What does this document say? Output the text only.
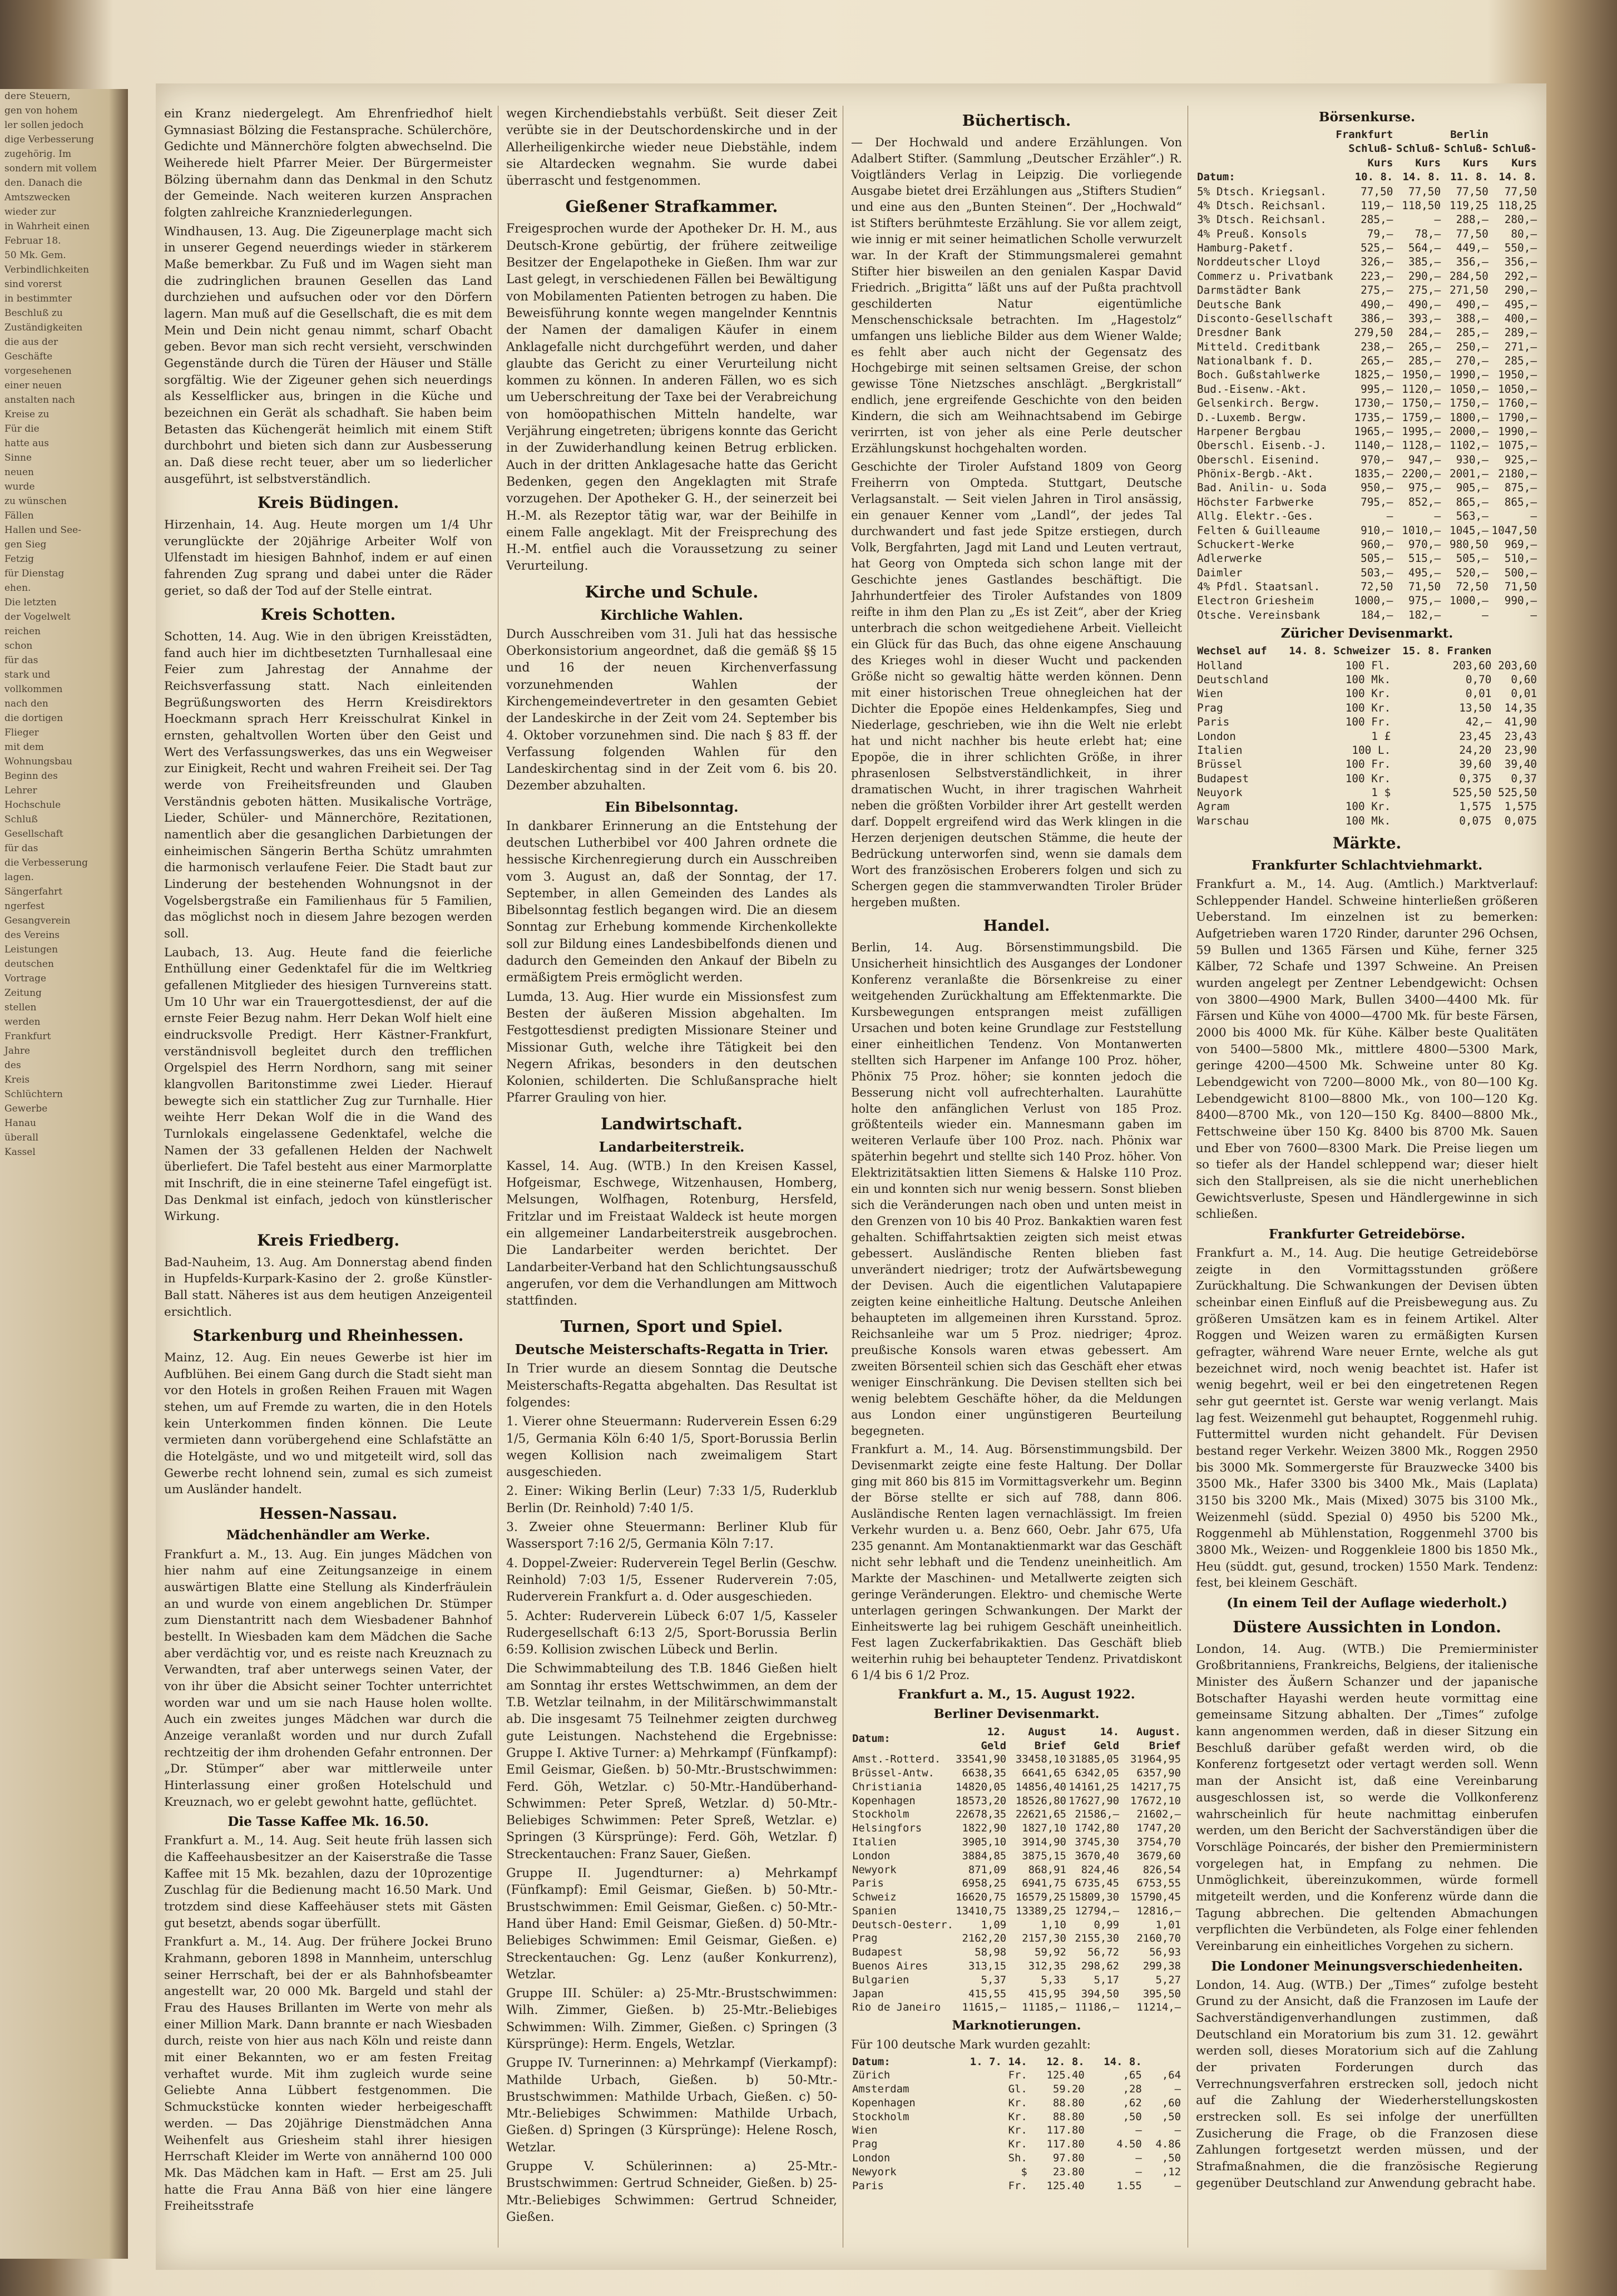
dere Steuern,
gen von hohem
ler sollen jedoch
dige Verbesserung
zugehörig. Im
sondern mit vollem
den. Danach die
Amtszwecken
wieder zur
in Wahrheit einen
Februar 18.
50 Mk. Gem.
Verbindlichkeiten
sind vorerst
in bestimmter
Beschluß zu
Zuständigkeiten
die aus der
Geschäfte
vorgesehenen
einer neuen
anstalten nach
Kreise zu
Für die
hatte aus
Sinne
neuen
wurde
zu wünschen
Fällen
Hallen und See-
gen Sieg
Fetzig
für Dienstag
ehen.
Die letzten
der Vogelwelt
reichen
schon
für das
stark und
vollkommen
nach den
die dortigen
Flieger
mit dem
Wohnungsbau
Beginn des
Lehrer
Hochschule
Schluß
Gesellschaft
für das
die Verbesserung
lagen.
Sängerfahrt
ngerfest
Gesangverein
des Vereins
Leistungen
deutschen
Vortrage
Zeitung
stellen
werden
Frankfurt
Jahre
des
Kreis
Schlüchtern
Gewerbe
Hanau
überall
Kassel

ein Kranz niedergelegt. Am Ehrenfriedhof hielt Gymnasiast Bölzing die Festansprache. Schülerchöre, Gedichte und Männerchöre folgten abwechselnd. Die Weiherede hielt Pfarrer Meier. Der Bürgermeister Bölzing übernahm dann das Denkmal in den Schutz der Gemeinde. Nach weiteren kurzen Ansprachen folgten zahlreiche Kranzniederlegungen.

Windhausen, 13. Aug. Die Zigeunerplage macht sich in unserer Gegend neuerdings wieder in stärkerem Maße bemerkbar. Zu Fuß und im Wagen sieht man die zudringlichen braunen Gesellen das Land durchziehen und aufsuchen oder vor den Dörfern lagern. Man muß auf die Gesellschaft, die es mit dem Mein und Dein nicht genau nimmt, scharf Obacht geben. Bevor man sich recht versieht, verschwinden Gegenstände durch die Türen der Häuser und Ställe sorgfältig. Wie der Zigeuner gehen sich neuerdings als Kesselflicker aus, bringen in die Küche und bezeichnen ein Gerät als schadhaft. Sie haben beim Betasten das Küchengerät heimlich mit einem Stift durchbohrt und bieten sich dann zur Ausbesserung an. Daß diese recht teuer, aber um so liederlicher ausgeführt, ist selbstverständlich.

Kreis Büdingen.

Hirzenhain, 14. Aug. Heute morgen um 1/4 Uhr verunglückte der 20jährige Arbeiter Wolf von Ulfenstadt im hiesigen Bahnhof, indem er auf einen fahrenden Zug sprang und dabei unter die Räder geriet, so daß der Tod auf der Stelle eintrat.

Kreis Schotten.

Schotten, 14. Aug. Wie in den übrigen Kreisstädten, fand auch hier im dichtbesetzten Turnhallesaal eine Feier zum Jahrestag der Annahme der Reichsverfassung statt. Nach einleitenden Begrüßungsworten des Herrn Kreisdirektors Hoeckmann sprach Herr Kreisschulrat Kinkel in ernsten, gehaltvollen Worten über den Geist und Wert des Verfassungswerkes, das uns ein Wegweiser zur Einigkeit, Recht und wahren Freiheit sei. Der Tag werde von Freiheitsfreunden und Glauben Verständnis geboten hätten. Musikalische Vorträge, Lieder, Schüler- und Männerchöre, Rezitationen, namentlich aber die gesanglichen Darbietungen der einheimischen Sängerin Bertha Schütz umrahmten die harmonisch verlaufene Feier. Die Stadt baut zur Linderung der bestehenden Wohnungsnot in der Vogelsbergstraße ein Familienhaus für 5 Familien, das möglichst noch in diesem Jahre bezogen werden soll.

Laubach, 13. Aug. Heute fand die feierliche Enthüllung einer Gedenktafel für die im Weltkrieg gefallenen Mitglieder des hiesigen Turnvereins statt. Um 10 Uhr war ein Trauergottesdienst, der auf die ernste Feier Bezug nahm. Herr Dekan Wolf hielt eine eindrucksvolle Predigt. Herr Kästner-Frankfurt, verständnisvoll begleitet durch den trefflichen Orgelspiel des Herrn Nordhorn, sang mit seiner klangvollen Baritonstimme zwei Lieder. Hierauf bewegte sich ein stattlicher Zug zur Turnhalle. Hier weihte Herr Dekan Wolf die in die Wand des Turnlokals eingelassene Gedenktafel, welche die Namen der 33 gefallenen Helden der Nachwelt überliefert. Die Tafel besteht aus einer Marmorplatte mit Inschrift, die in eine steinerne Tafel eingefügt ist. Das Denkmal ist einfach, jedoch von künstlerischer Wirkung.

Kreis Friedberg.

Bad-Nauheim, 13. Aug. Am Donnerstag abend finden in Hupfelds-Kurpark-Kasino der 2. große Künstler-Ball statt. Näheres ist aus dem heutigen Anzeigenteil ersichtlich.

Starkenburg und Rheinhessen.

Mainz, 12. Aug. Ein neues Gewerbe ist hier im Aufblühen. Bei einem Gang durch die Stadt sieht man vor den Hotels in großen Reihen Frauen mit Wagen stehen, um auf Fremde zu warten, die in den Hotels kein Unterkommen finden können. Die Leute vermieten dann vorübergehend eine Schlafstätte an die Hotelgäste, und wo und mitgeteilt wird, soll das Gewerbe recht lohnend sein, zumal es sich zumeist um Ausländer handelt.

Hessen-Nassau.
Mädchenhändler am Werke.

Frankfurt a. M., 13. Aug. Ein junges Mädchen von hier nahm auf eine Zeitungsanzeige in einem auswärtigen Blatte eine Stellung als Kinderfräulein an und wurde von einem angeblichen Dr. Stümper zum Dienstantritt nach dem Wiesbadener Bahnhof bestellt. In Wiesbaden kam dem Mädchen die Sache aber verdächtig vor, und es reiste nach Kreuznach zu Verwandten, traf aber unterwegs seinen Vater, der von ihr über die Absicht seiner Tochter unterrichtet worden war und um sie nach Hause holen wollte. Auch ein zweites junges Mädchen war durch die Anzeige veranlaßt worden und nur durch Zufall rechtzeitig der ihm drohenden Gefahr entronnen. Der „Dr. Stümper“ aber war mittlerweile unter Hinterlassung einer großen Hotelschuld und Kreuznach, wo er gelebt gewohnt hatte, geflüchtet.

Die Tasse Kaffee Mk. 16.50.

Frankfurt a. M., 14. Aug. Seit heute früh lassen sich die Kaffeehausbesitzer an der Kaiserstraße die Tasse Kaffee mit 15 Mk. bezahlen, dazu der 10prozentige Zuschlag für die Bedienung macht 16.50 Mark. Und trotzdem sind diese Kaffeehäuser stets mit Gästen gut besetzt, abends sogar überfüllt.

Frankfurt a. M., 14. Aug. Der frühere Jockei Bruno Krahmann, geboren 1898 in Mannheim, unterschlug seiner Herrschaft, bei der er als Bahnhofsbeamter angestellt war, 20 000 Mk. Bargeld und stahl der Frau des Hauses Brillanten im Werte von mehr als einer Million Mark. Dann brannte er nach Wiesbaden durch, reiste von hier aus nach Köln und reiste dann mit einer Bekannten, wo er am festen Freitag verhaftet wurde. Mit ihm zugleich wurde seine Geliebte Anna Lübbert festgenommen. Die Schmuckstücke konnten wieder herbeigeschafft werden. — Das 20jährige Dienstmädchen Anna Weihenfelt aus Griesheim stahl ihrer hiesigen Herrschaft Kleider im Werte von annähernd 100 000 Mk. Das Mädchen kam in Haft. — Erst am 25. Juli hatte die Frau Anna Bäß von hier eine längere Freiheitsstrafe

wegen Kirchendiebstahls verbüßt. Seit dieser Zeit verübte sie in der Deutschordenskirche und in der Allerheiligenkirche wieder neue Diebstähle, indem sie Altardecken wegnahm. Sie wurde dabei überrascht und festgenommen.

Gießener Strafkammer.

Freigesprochen wurde der Apotheker Dr. H. M., aus Deutsch-Krone gebürtig, der frühere zeitweilige Besitzer der Engelapotheke in Gießen. Ihm war zur Last gelegt, in verschiedenen Fällen bei Bewältigung von Mobilamenten Patienten betrogen zu haben. Die Beweisführung konnte wegen mangelnder Kenntnis der Namen der damaligen Käufer in einem Anklagefalle nicht durchgeführt werden, und daher glaubte das Gericht zu einer Verurteilung nicht kommen zu können. In anderen Fällen, wo es sich um Ueberschreitung der Taxe bei der Verabreichung von homöopathischen Mitteln handelte, war Verjährung eingetreten; übrigens konnte das Gericht in der Zuwiderhandlung keinen Betrug erblicken. Auch in der dritten Anklagesache hatte das Gericht Bedenken, gegen den Angeklagten mit Strafe vorzugehen. Der Apotheker G. H., der seinerzeit bei H.-M. als Rezeptor tätig war, war der Beihilfe in einem Falle angeklagt. Mit der Freisprechung des H.-M. entfiel auch die Voraussetzung zu seiner Verurteilung.

Kirche und Schule.
Kirchliche Wahlen.

Durch Ausschreiben vom 31. Juli hat das hessische Oberkonsistorium angeordnet, daß die gemäß §§ 15 und 16 der neuen Kirchenverfassung vorzunehmenden Wahlen der Kirchengemeindevertreter in den gesamten Gebiet der Landeskirche in der Zeit vom 24. September bis 4. Oktober vorzunehmen sind. Die nach § 83 ff. der Verfassung folgenden Wahlen für den Landeskirchentag sind in der Zeit vom 6. bis 20. Dezember abzuhalten.

Ein Bibelsonntag.

In dankbarer Erinnerung an die Entstehung der deutschen Lutherbibel vor 400 Jahren ordnete die hessische Kirchenregierung durch ein Ausschreiben vom 3. August an, daß der Sonntag, der 17. September, in allen Gemeinden des Landes als Bibelsonntag festlich begangen wird. Die an diesem Sonntag zur Erhebung kommende Kirchenkollekte soll zur Bildung eines Landesbibelfonds dienen und dadurch den Gemeinden den Ankauf der Bibeln zu ermäßigtem Preis ermöglicht werden.

Lumda, 13. Aug. Hier wurde ein Missionsfest zum Besten der äußeren Mission abgehalten. Im Festgottesdienst predigten Missionare Steiner und Missionar Guth, welche ihre Tätigkeit bei den Negern Afrikas, besonders in den deutschen Kolonien, schilderten. Die Schlußansprache hielt Pfarrer Grauling von hier.

Landwirtschaft.
Landarbeiterstreik.

Kassel, 14. Aug. (WTB.) In den Kreisen Kassel, Hofgeismar, Eschwege, Witzenhausen, Homberg, Melsungen, Wolfhagen, Rotenburg, Hersfeld, Fritzlar und im Freistaat Waldeck ist heute morgen ein allgemeiner Landarbeiterstreik ausgebrochen. Die Landarbeiter werden berichtet. Der Landarbeiter-Verband hat den Schlichtungsausschuß angerufen, vor dem die Verhandlungen am Mittwoch stattfinden.

Turnen, Sport und Spiel.
Deutsche Meisterschafts-Regatta in Trier.

In Trier wurde an diesem Sonntag die Deutsche Meisterschafts-Regatta abgehalten. Das Resultat ist folgendes:

1. Vierer ohne Steuermann: Ruderverein Essen 6:29 1/5, Germania Köln 6:40 1/5, Sport-Borussia Berlin wegen Kollision nach zweimaligem Start ausgeschieden.

2. Einer: Wiking Berlin (Leur) 7:33 1/5, Ruderklub Berlin (Dr. Reinhold) 7:40 1/5.

3. Zweier ohne Steuermann: Berliner Klub für Wassersport 7:16 2/5, Germania Köln 7:17.

4. Doppel-Zweier: Ruderverein Tegel Berlin (Geschw. Reinhold) 7:03 1/5, Essener Ruderverein 7:05, Ruderverein Frankfurt a. d. Oder ausgeschieden.

5. Achter: Ruderverein Lübeck 6:07 1/5, Kasseler Rudergesellschaft 6:13 2/5, Sport-Borussia Berlin 6:59. Kollision zwischen Lübeck und Berlin.

Die Schwimmabteilung des T.B. 1846 Gießen hielt am Sonntag ihr erstes Wettschwimmen, an dem der T.B. Wetzlar teilnahm, in der Militärschwimmanstalt ab. Die insgesamt 75 Teilnehmer zeigten durchweg gute Leistungen. Nachstehend die Ergebnisse: Gruppe I. Aktive Turner: a) Mehrkampf (Fünfkampf): Emil Geismar, Gießen. b) 50-Mtr.-Brustschwimmen: Ferd. Göh, Wetzlar. c) 50-Mtr.-Handüberhand-Schwimmen: Peter Spreß, Wetzlar. d) 50-Mtr.-Beliebiges Schwimmen: Peter Spreß, Wetzlar. e) Springen (3 Kürsprünge): Ferd. Göh, Wetzlar. f) Streckentauchen: Franz Sauer, Gießen.

Gruppe II. Jugendturner: a) Mehrkampf (Fünfkampf): Emil Geismar, Gießen. b) 50-Mtr.-Brustschwimmen: Emil Geismar, Gießen. c) 50-Mtr.-Hand über Hand: Emil Geismar, Gießen. d) 50-Mtr.-Beliebiges Schwimmen: Emil Geismar, Gießen. e) Streckentauchen: Gg. Lenz (außer Konkurrenz), Wetzlar.

Gruppe III. Schüler: a) 25-Mtr.-Brustschwimmen: Wilh. Zimmer, Gießen. b) 25-Mtr.-Beliebiges Schwimmen: Wilh. Zimmer, Gießen. c) Springen (3 Kürsprünge): Herm. Engels, Wetzlar.

Gruppe IV. Turnerinnen: a) Mehrkampf (Vierkampf): Mathilde Urbach, Gießen. b) 50-Mtr.-Brustschwimmen: Mathilde Urbach, Gießen. c) 50-Mtr.-Beliebiges Schwimmen: Mathilde Urbach, Gießen. d) Springen (3 Kürsprünge): Helene Rosch, Wetzlar.

Gruppe V. Schülerinnen: a) 25-Mtr.-Brustschwimmen: Gertrud Schneider, Gießen. b) 25-Mtr.-Beliebiges Schwimmen: Gertrud Schneider, Gießen.

Büchertisch.

— Der Hochwald und andere Erzählungen. Von Adalbert Stifter. (Sammlung „Deutscher Erzähler“.) R. Voigtländers Verlag in Leipzig. Die vorliegende Ausgabe bietet drei Erzählungen aus „Stifters Studien“ und eine aus den „Bunten Steinen“. Der „Hochwald“ ist Stifters berühmteste Erzählung. Sie vor allem zeigt, wie innig er mit seiner heimatlichen Scholle verwurzelt war. In der Kraft der Stimmungsmalerei gemahnt Stifter hier bisweilen an den genialen Kaspar David Friedrich. „Brigitta“ läßt uns auf der Pußta prachtvoll geschilderten Natur eigentümliche Menschenschicksale betrachten. Im „Hagestolz“ umfangen uns liebliche Bilder aus dem Wiener Walde; es fehlt aber auch nicht der Gegensatz des Hochgebirge mit seinen seltsamen Greise, der schon gewisse Töne Nietzsches anschlägt. „Bergkristall“ endlich, jene ergreifende Geschichte von den beiden Kindern, die sich am Weihnachtsabend im Gebirge verirrten, ist von jeher als eine Perle deutscher Erzählungskunst hochgehalten worden.

Geschichte der Tiroler Aufstand 1809 von Georg Freiherrn von Ompteda. Stuttgart, Deutsche Verlagsanstalt. — Seit vielen Jahren in Tirol ansässig, ein genauer Kenner vom „Landl“, der jedes Tal durchwandert und fast jede Spitze erstiegen, durch Volk, Bergfahrten, Jagd mit Land und Leuten vertraut, hat Georg von Ompteda sich schon lange mit der Geschichte jenes Gastlandes beschäftigt. Die Jahrhundertfeier des Tiroler Aufstandes von 1809 reifte in ihm den Plan zu „Es ist Zeit“, aber der Krieg unterbrach die schon weitgediehene Arbeit. Vielleicht ein Glück für das Buch, das ohne eigene Anschauung des Krieges wohl in dieser Wucht und packenden Größe nicht so gewaltig hätte werden können. Denn mit einer historischen Treue ohnegleichen hat der Dichter die Epopöe eines Heldenkampfes, Sieg und Niederlage, geschrieben, wie ihn die Welt nie erlebt hat und nicht nachher bis heute erlebt hat; eine Epopöe, die in ihrer schlichten Größe, in ihrer phrasenlosen Selbstverständlichkeit, in ihrer dramatischen Wucht, in ihrer tragischen Wahrheit neben die größten Vorbilder ihrer Art gestellt werden darf. Doppelt ergreifend wird das Werk klingen in die Herzen derjenigen deutschen Stämme, die heute der Bedrückung unterworfen sind, wenn sie damals dem Wort des französischen Eroberers folgen und sich zu Schergen gegen die stammverwandten Tiroler Brüder hergeben mußten.

Handel.

Berlin, 14. Aug. Börsenstimmungsbild. Die Unsicherheit hinsichtlich des Ausganges der Londoner Konferenz veranlaßte die Börsenkreise zu einer weitgehenden Zurückhaltung am Effektenmarkte. Die Kursbewegungen entsprangen meist zufälligen Ursachen und boten keine Grundlage zur Feststellung einer einheitlichen Tendenz. Von Montanwerten stellten sich Harpener im Anfange 100 Proz. höher, Phönix 75 Proz. höher; sie konnten jedoch die Besserung nicht voll aufrechterhalten. Laurahütte holte den anfänglichen Verlust von 185 Proz. größtenteils wieder ein. Mannesmann gaben im weiteren Verlaufe über 100 Proz. nach. Phönix war späterhin begehrt und stellte sich 140 Proz. höher. Von Elektrizitätsaktien litten Siemens & Halske 110 Proz. ein und konnten sich nur wenig bessern. Sonst blieben sich die Veränderungen nach oben und unten meist in den Grenzen von 10 bis 40 Proz. Bankaktien waren fest gehalten. Schiffahrtsaktien zeigten sich meist etwas gebessert. Ausländische Renten blieben fast unverändert niedriger; trotz der Aufwärtsbewegung der Devisen. Auch die eigentlichen Valutapapiere zeigten keine einheitliche Haltung. Deutsche Anleihen behaupteten im allgemeinen ihren Kursstand. 5proz. Reichsanleihe war um 5 Proz. niedriger; 4proz. preußische Konsols waren etwas gebessert. Am zweiten Börsenteil schien sich das Geschäft eher etwas weniger Einschränkung. Die Devisen stellten sich bei wenig belebtem Geschäfte höher, da die Meldungen aus London einer ungünstigeren Beurteilung begegneten.

Frankfurt a. M., 14. Aug. Börsenstimmungsbild. Der Devisenmarkt zeigte eine feste Haltung. Der Dollar ging mit 860 bis 815 im Vormittagsverkehr um. Beginn der Börse stellte er sich auf 788, dann 806. Ausländische Renten lagen vernachlässigt. Im freien Verkehr wurden u. a. Benz 660, Oebr. Jahr 675, Ufa 235 genannt. Am Montanaktienmarkt war das Geschäft nicht sehr lebhaft und die Tendenz uneinheitlich. Am Markte der Maschinen- und Metallwerte zeigten sich geringe Veränderungen. Elektro- und chemische Werte unterlagen geringen Schwankungen. Der Markt der Einheitswerte lag bei ruhigem Geschäft uneinheitlich. Fest lagen Zuckerfabrikaktien. Das Geschäft blieb weiterhin ruhig bei behaupteter Tendenz. Privatdiskont 6 1/4 bis 6 1/2 Proz.

Frankfurt a. M., 15. August 1922.
Berliner Devisenmarkt.
Datum:	12. Geld	August Brief	14. Geld	August. Brief
Amst.-Rotterd.	33541,90	33458,10	31885,05	31964,95
Brüssel-Antw.	6638,35	6641,65	6342,05	6357,90
Christiania	14820,05	14856,40	14161,25	14217,75
Kopenhagen	18573,20	18526,80	17627,90	17672,10
Stockholm	22678,35	22621,65	21586,—	21602,—
Helsingfors	1822,90	1827,10	1742,80	1747,20
Italien	3905,10	3914,90	3745,30	3754,70
London	3884,85	3875,15	3670,40	3679,60
Newyork	871,09	868,91	824,46	826,54
Paris	6958,25	6941,75	6735,45	6753,55
Schweiz	16620,75	16579,25	15809,30	15790,45
Spanien	13410,75	13389,25	12794,—	12816,—
Deutsch-Oesterr.	1,09	1,10	0,99	1,01
Prag	2162,20	2157,30	2155,30	2160,70
Budapest	58,98	59,92	56,72	56,93
Buenos Aires	313,15	312,35	298,62	299,38
Bulgarien	5,37	5,33	5,17	5,27
Japan	415,55	415,95	394,50	395,50
Rio de Janeiro	11615,—	11185,—	11186,—	11214,—
Marknotierungen.

Für 100 deutsche Mark wurden gezahlt:

Datum:	1. 7. 14.	12. 8.	14. 8.	
Zürich	Fr.	125.40	,65	,64
Amsterdam	Gl.	59.20	,28	—
Kopenhagen	Kr.	88.80	,62	,60
Stockholm	Kr.	88.80	,50	,50
Wien	Kr.	117.80	—	—
Prag	Kr.	117.80	4.50	4.86
London	Sh.	97.80	—	,50
Newyork	$	23.80	—	,12
Paris	Fr.	125.40	1.55	—
Börsenkurse.
	Frankfurt		Berlin	
	Schluß-Kurs	Schluß-Kurs	Schluß-Kurs	Schluß-Kurs
Datum:	10. 8.	14. 8.	11. 8.	14. 8.
5% Dtsch. Kriegsanl.	77,50	77,50	77,50	77,50
4% Dtsch. Reichsanl.	119,—	118,50	119,25	118,25
3% Dtsch. Reichsanl.	285,—	—	288,—	280,—
4% Preuß. Konsols	79,—	78,—	77,50	80,—
Hamburg-Paketf.	525,—	564,—	449,—	550,—
Norddeutscher Lloyd	326,—	385,—	356,—	356,—
Commerz u. Privatbank	223,—	290,—	284,50	292,—
Darmstädter Bank	275,—	275,—	271,50	290,—
Deutsche Bank	490,—	490,—	490,—	495,—
Disconto-Gesellschaft	386,—	393,—	388,—	400,—
Dresdner Bank	279,50	284,—	285,—	289,—
Mitteld. Creditbank	238,—	265,—	250,—	271,—
Nationalbank f. D.	265,—	285,—	270,—	285,—
Boch. Gußstahlwerke	1825,—	1950,—	1990,—	1950,—
Bud.-Eisenw.-Akt.	995,—	1120,—	1050,—	1050,—
Gelsenkirch. Bergw.	1730,—	1750,—	1750,—	1760,—
D.-Luxemb. Bergw.	1735,—	1759,—	1800,—	1790,—
Harpener Bergbau	1965,—	1995,—	2000,—	1990,—
Oberschl. Eisenb.-J.	1140,—	1128,—	1102,—	1075,—
Oberschl. Eisenind.	970,—	947,—	930,—	925,—
Phönix-Bergb.-Akt.	1835,—	2200,—	2001,—	2180,—
Bad. Anilin- u. Soda	950,—	975,—	905,—	875,—
Höchster Farbwerke	795,—	852,—	865,—	865,—
Allg. Elektr.-Ges.	—	—	563,—	—
Felten & Guilleaume	910,—	1010,—	1045,—	1047,50
Schuckert-Werke	960,—	970,—	980,50	969,—
Adlerwerke	505,—	515,—	505,—	510,—
Daimler	503,—	495,—	520,—	500,—
4% Pfdl. Staatsanl.	72,50	71,50	72,50	71,50
Electron Griesheim	1000,—	975,—	1000,—	990,—
Otsche. Vereinsbank	184,—	182,—	—	—
Züricher Devisenmarkt.
Wechsel auf	14. 8. Schweizer	15. 8. Franken	
Holland	100 Fl.	203,60	203,60
Deutschland	100 Mk.	0,70	0,60
Wien	100 Kr.	0,01	0,01
Prag	100 Kr.	13,50	14,35
Paris	100 Fr.	42,—	41,90
London	1 £	23,45	23,43
Italien	100 L.	24,20	23,90
Brüssel	100 Fr.	39,60	39,40
Budapest	100 Kr.	0,375	0,37
Neuyork	1 $	525,50	525,50
Agram	100 Kr.	1,575	1,575
Warschau	100 Mk.	0,075	0,075
Märkte.
Frankfurter Schlachtviehmarkt.

Frankfurt a. M., 14. Aug. (Amtlich.) Marktverlauf: Schleppender Handel. Schweine hinterließen größeren Ueberstand. Im einzelnen ist zu bemerken: Aufgetrieben waren 1720 Rinder, darunter 296 Ochsen, 59 Bullen und 1365 Färsen und Kühe, ferner 325 Kälber, 72 Schafe und 1397 Schweine. An Preisen wurden angelegt per Zentner Lebendgewicht: Ochsen von 3800—4900 Mark, Bullen 3400—4400 Mk. für Färsen und Kühe von 4000—4700 Mk. für beste Färsen, 2000 bis 4000 Mk. für Kühe. Kälber beste Qualitäten von 5400—5800 Mk., mittlere 4800—5300 Mark, geringe 4200—4500 Mk. Schweine unter 80 Kg. Lebendgewicht von 7200—8000 Mk., von 80—100 Kg. Lebendgewicht 8100—8800 Mk., von 100—120 Kg. 8400—8700 Mk., von 120—150 Kg. 8400—8800 Mk., Fettschweine über 150 Kg. 8400 bis 8700 Mk. Sauen und Eber von 7600—8300 Mark. Die Preise liegen um so tiefer als der Handel schleppend war; dieser hielt sich den Stallpreisen, als sie die nicht unerheblichen Gewichtsverluste, Spesen und Händlergewinne in sich schließen.

Frankfurter Getreidebörse.

Frankfurt a. M., 14. Aug. Die heutige Getreidebörse zeigte in den Vormittagsstunden größere Zurückhaltung. Die Schwankungen der Devisen übten scheinbar einen Einfluß auf die Preisbewegung aus. Zu größeren Umsätzen kam es in feinem Artikel. Alter Roggen und Weizen waren zu ermäßigten Kursen gefragter, während Ware neuer Ernte, welche als gut bezeichnet wird, noch wenig beachtet ist. Hafer ist wenig begehrt, weil er bei den eingetretenen Regen sehr gut geerntet ist. Gerste war wenig verlangt. Mais lag fest. Weizenmehl gut behauptet, Roggenmehl ruhig. Futtermittel wurden nicht gehandelt. Für Devisen bestand reger Verkehr. Weizen 3800 Mk., Roggen 2950 bis 3000 Mk. Sommergerste für Brauzwecke 3400 bis 3500 Mk., Hafer 3300 bis 3400 Mk., Mais (Laplata) 3150 bis 3200 Mk., Mais (Mixed) 3075 bis 3100 Mk., Weizenmehl (südd. Spezial 0) 4950 bis 5200 Mk., Roggenmehl ab Mühlenstation, Roggenmehl 3700 bis 3800 Mk., Weizen- und Roggenkleie 1800 bis 1850 Mk., Heu (süddt. gut, gesund, trocken) 1550 Mark. Tendenz: fest, bei kleinem Geschäft.

(In einem Teil der Auflage wiederholt.)
Düstere Aussichten in London.

London, 14. Aug. (WTB.) Die Premierminister Großbritanniens, Frankreichs, Belgiens, der italienische Minister des Äußern Schanzer und der japanische Botschafter Hayashi werden heute vormittag eine gemeinsame Sitzung abhalten. Der „Times“ zufolge kann angenommen werden, daß in dieser Sitzung ein Beschluß darüber gefaßt werden wird, ob die Konferenz fortgesetzt oder vertagt werden soll. Wenn man der Ansicht ist, daß eine Vereinbarung ausgeschlossen ist, so werde die Vollkonferenz wahrscheinlich für heute nachmittag einberufen werden, um den Bericht der Sachverständigen über die Vorschläge Poincarés, der bisher den Premierministern vorgelegen hat, in Empfang zu nehmen. Die Unmöglichkeit, übereinzukommen, würde formell mitgeteilt werden, und die Konferenz würde dann die Tagung abbrechen. Die geltenden Abmachungen verpflichten die Verbündeten, als Folge einer fehlenden Vereinbarung ein einheitliches Vorgehen zu sichern.

Die Londoner Meinungsverschiedenheiten.

London, 14. Aug. (WTB.) Der „Times“ zufolge besteht Grund zu der Ansicht, daß die Franzosen im Laufe der Sachverständigenverhandlungen zustimmen, daß Deutschland ein Moratorium bis zum 31. 12. gewährt werden soll, dieses Moratorium sich auf die Zahlung der privaten Forderungen durch das Verrechnungsverfahren erstrecken soll, jedoch nicht auf die Zahlung der Wiederherstellungskosten erstrecken soll. Es sei infolge der unerfüllten Zusicherung die Frage, ob die Franzosen diese Zahlungen fortgesetzt werden müssen, und der Strafmaßnahmen, die die französische Regierung gegenüber Deutschland zur Anwendung gebracht habe.
